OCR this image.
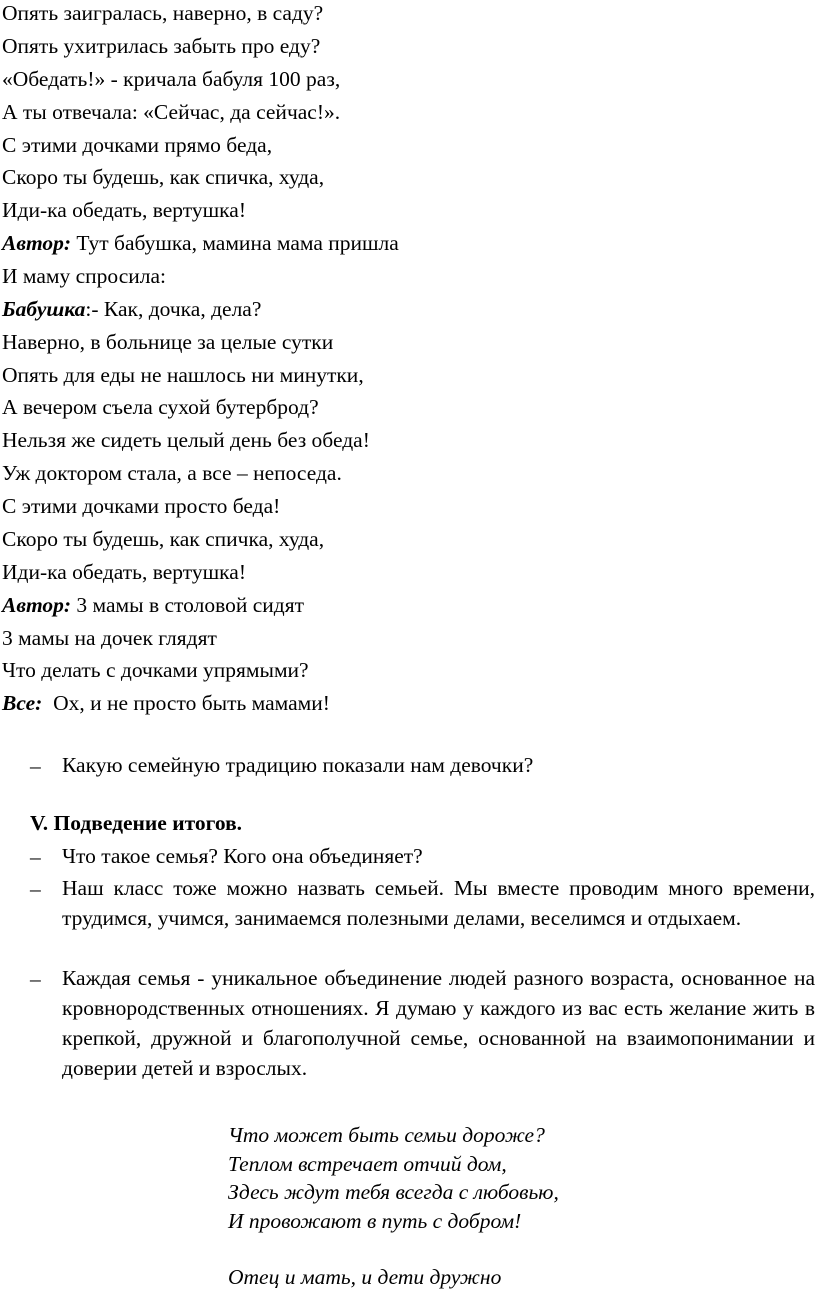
Опять заигралась, наверно, в саду?
Опять ухитрилась забыть про еду?
«Обедать!» - кричала бабуля 100 раз,
А ты отвечала: «Сейчас, да сейчас!».
С этими дочками прямо беда,
Скоро ты будешь, как спичка, худа,
Иди-ка обедать, вертушка!
Автор: Тут бабушка, мамина мама пришла
И маму спросила:
Бабушка:- Как, дочка, дела?
Наверно, в больнице за целые сутки
Опять для еды не нашлось ни минутки,
А вечером съела сухой бутерброд?
Нельзя же сидеть целый день без обеда!
Уж доктором стала, а все – непоседа.
С этими дочками просто беда!
Скоро ты будешь, как спичка, худа,
Иди-ка обедать, вертушка!
Автор: 3 мамы в столовой сидят
3 мамы на дочек глядят
Что делать с дочками упрямыми?
Все:  Ох, и не просто быть мамами!
– Какую семейную традицию показали нам девочки?
V. Подведение итогов.
– Что такое семья? Кого она объединяет?
– Наш класс тоже можно назвать семьей. Мы вместе проводим много времени, трудимся, учимся, занимаемся полезными делами, веселимся и отдыхаем.
– Каждая семья - уникальное объединение людей разного возраста, основанное на кровнородственных отношениях. Я думаю у каждого из вас есть желание жить в крепкой, дружной и благополучной семье, основанной на взаимопонимании и доверии детей и взрослых.
Что может быть семьи дороже?
Теплом встречает отчий дом,
Здесь ждут тебя всегда с любовью,
И провожают в путь с добром!
Отец и мать, и дети дружно
